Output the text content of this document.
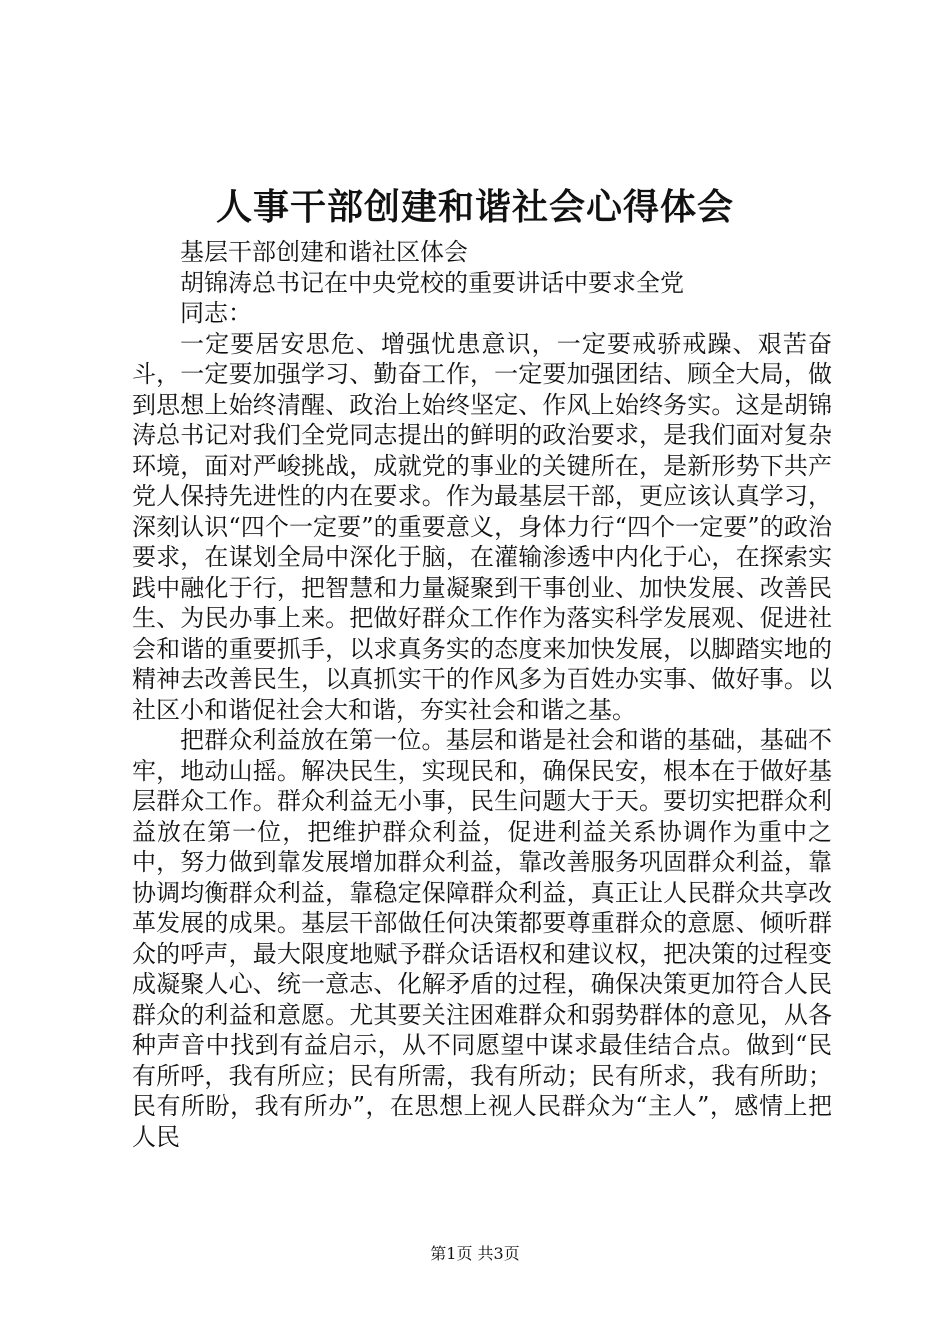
人事干部创建和谐社会心得体会

基层干部创建和谐社区体会

胡锦涛总书记在中央党校的重要讲话中要求全党

同志：

一定要居安思危、增强忧患意识，一定要戒骄戒躁、艰苦奋斗，一定要加强学习、勤奋工作，一定要加强团结、顾全大局，做到思想上始终清醒、政治上始终坚定、作风上始终务实。这是胡锦涛总书记对我们全党同志提出的鲜明的政治要求，是我们面对复杂环境，面对严峻挑战，成就党的事业的关键所在，是新形势下共产党人保持先进性的内在要求。作为最基层干部，更应该认真学习，深刻认识“四个一定要”的重要意义，身体力行“四个一定要”的政治要求，在谋划全局中深化于脑，在灌输渗透中内化于心，在探索实践中融化于行，把智慧和力量凝聚到干事创业、加快发展、改善民生、为民办事上来。把做好群众工作作为落实科学发展观、促进社会和谐的重要抓手，以求真务实的态度来加快发展，以脚踏实地的精神去改善民生，以真抓实干的作风多为百姓办实事、做好事。以社区小和谐促社会大和谐，夯实社会和谐之基。

把群众利益放在第一位。基层和谐是社会和谐的基础，基础不牢，地动山摇。解决民生，实现民和，确保民安，根本在于做好基层群众工作。群众利益无小事，民生问题大于天。要切实把群众利益放在第一位，把维护群众利益，促进利益关系协调作为重中之中，努力做到靠发展增加群众利益，靠改善服务巩固群众利益，靠协调均衡群众利益，靠稳定保障群众利益，真正让人民群众共享改革发展的成果。基层干部做任何决策都要尊重群众的意愿、倾听群众的呼声，最大限度地赋予群众话语权和建议权，把决策的过程变成凝聚人心、统一意志、化解矛盾的过程，确保决策更加符合人民群众的利益和意愿。尤其要关注困难群众和弱势群体的意见，从各种声音中找到有益启示，从不同愿望中谋求最佳结合点。做到“民有所呼，我有所应；民有所需，我有所动；民有所求，我有所助；民有所盼，我有所办”，在思想上视人民群众为“主人”，感情上把人民

第1页 共3页
